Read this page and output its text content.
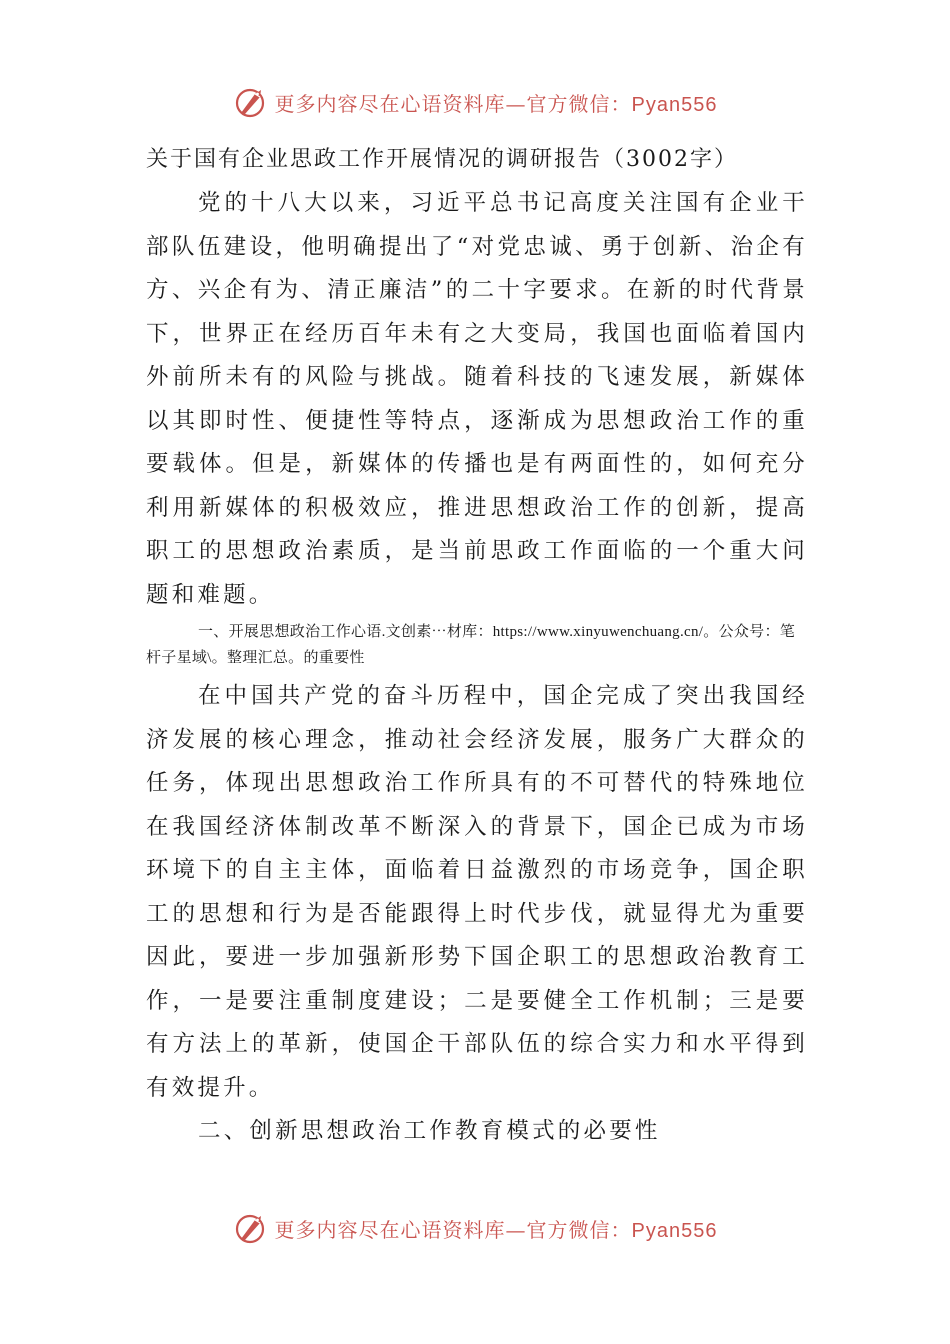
更多内容尽在心语资料库—官方微信：Pyan556

关于国有企业思政工作开展情况的调研报告（3002字）

党的十八大以来，习近平总书记高度关注国有企业干部队伍建设，他明确提出了“对党忠诚、勇于创新、治企有方、兴企有为、清正廉洁”的二十字要求。在新的时代背景下，世界正在经历百年未有之大变局，我国也面临着国内外前所未有的风险与挑战。随着科技的飞速发展，新媒体以其即时性、便捷性等特点，逐渐成为思想政治工作的重要载体。但是，新媒体的传播也是有两面性的，如何充分利用新媒体的积极效应，推进思想政治工作的创新，提高职工的思想政治素质，是当前思政工作面临的一个重大问题和难题。

一、开展思想政治工作心语.文创素⋯材库：https://www.xinyuwenchuang.cn/。公众号：笔杆子星域\。整理汇总。的重要性

在中国共产党的奋斗历程中，国企完成了突出我国经济发展的核心理念，推动社会经济发展，服务广大群众的任务，体现出思想政治工作所具有的不可替代的特殊地位在我国经济体制改革不断深入的背景下，国企已成为市场环境下的自主主体，面临着日益激烈的市场竞争，国企职工的思想和行为是否能跟得上时代步伐，就显得尤为重要因此，要进一步加强新形势下国企职工的思想政治教育工作，一是要注重制度建设；二是要健全工作机制；三是要有方法上的革新，使国企干部队伍的综合实力和水平得到有效提升。

二、创新思想政治工作教育模式的必要性

更多内容尽在心语资料库—官方微信：Pyan556
